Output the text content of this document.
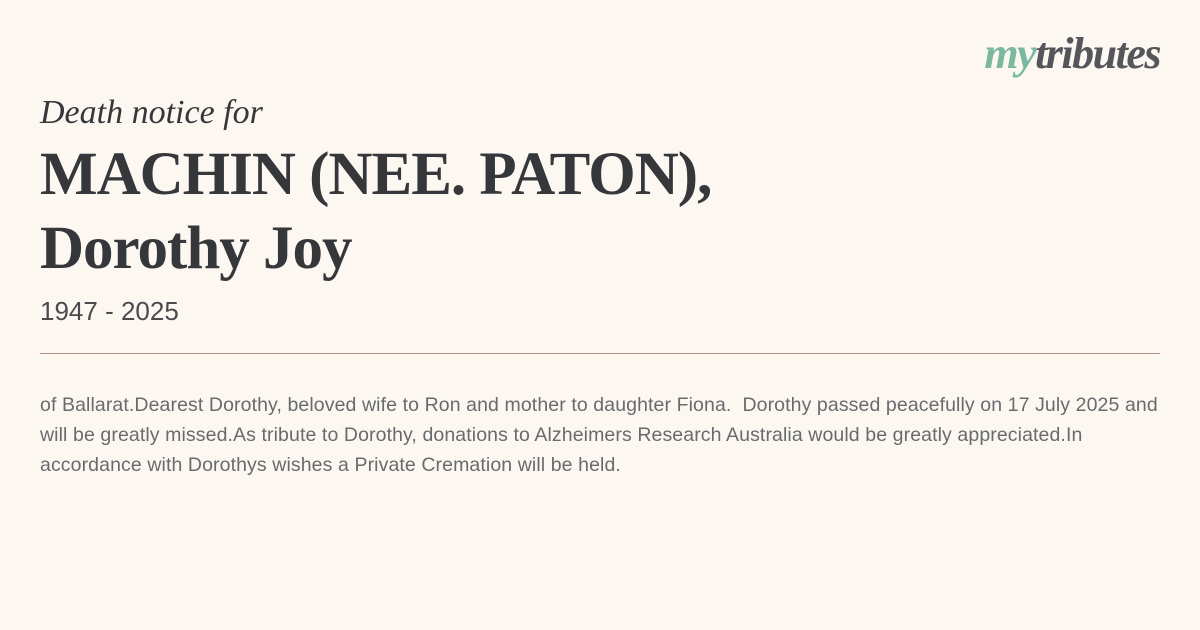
mytributes
Death notice for
MACHIN (NEE. PATON),
Dorothy Joy
1947 - 2025

of Ballarat.Dearest Dorothy, beloved wife to Ron and mother to daughter Fiona.  Dorothy passed peacefully on 17 July 2025 and will be greatly missed.As tribute to Dorothy, donations to Alzheimers Research Australia would be greatly appreciated.In accordance with Dorothys wishes a Private Cremation will be held.
